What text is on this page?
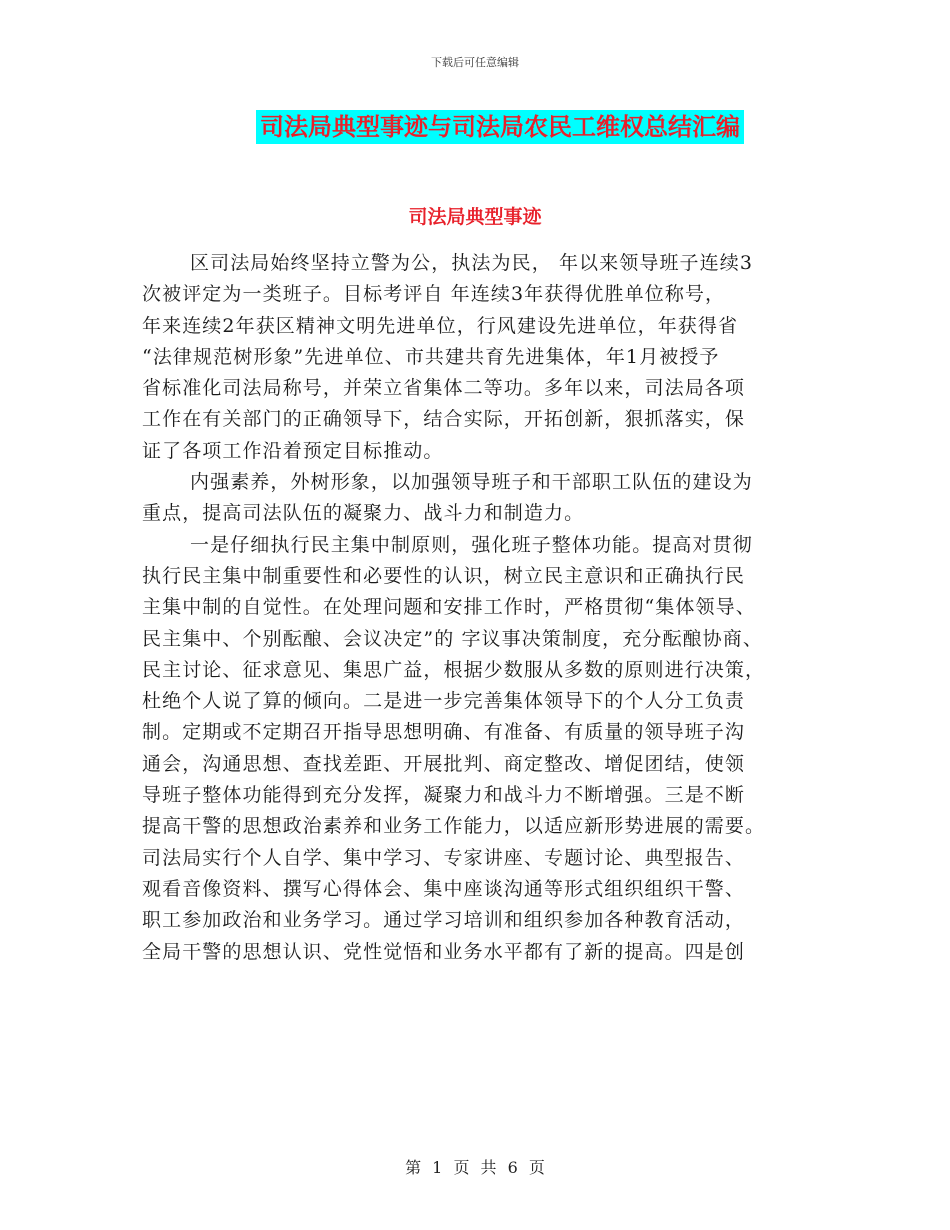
下载后可任意编辑
司法局典型事迹与司法局农民工维权总结汇编
司法局典型事迹
区司法局始终坚持立警为公，执法为民， 年以来领导班子连续3
次被评定为一类班子。目标考评自 年连续3年获得优胜单位称号，
年来连续2年获区精神文明先进单位，行风建设先进单位，年获得省
“法律规范树形象”先进单位、市共建共育先进集体，年1月被授予
省标准化司法局称号，并荣立省集体二等功。多年以来，司法局各项
工作在有关部门的正确领导下，结合实际，开拓创新，狠抓落实，保
证了各项工作沿着预定目标推动。
内强素养，外树形象，以加强领导班子和干部职工队伍的建设为
重点，提高司法队伍的凝聚力、战斗力和制造力。
一是仔细执行民主集中制原则，强化班子整体功能。提高对贯彻
执行民主集中制重要性和必要性的认识，树立民主意识和正确执行民
主集中制的自觉性。在处理问题和安排工作时，严格贯彻“集体领导、
民主集中、个别酝酿、会议决定”的 字议事决策制度，充分酝酿协商、
民主讨论、征求意见、集思广益，根据少数服从多数的原则进行决策，
杜绝个人说了算的倾向。二是进一步完善集体领导下的个人分工负责
制。定期或不定期召开指导思想明确、有准备、有质量的领导班子沟
通会，沟通思想、查找差距、开展批判、商定整改、增促团结，使领
导班子整体功能得到充分发挥，凝聚力和战斗力不断增强。三是不断
提高干警的思想政治素养和业务工作能力，以适应新形势进展的需要。
司法局实行个人自学、集中学习、专家讲座、专题讨论、典型报告、
观看音像资料、撰写心得体会、集中座谈沟通等形式组织组织干警、
职工参加政治和业务学习。通过学习培训和组织参加各种教育活动，
全局干警的思想认识、党性觉悟和业务水平都有了新的提高。四是创
第 1 页 共 6 页
